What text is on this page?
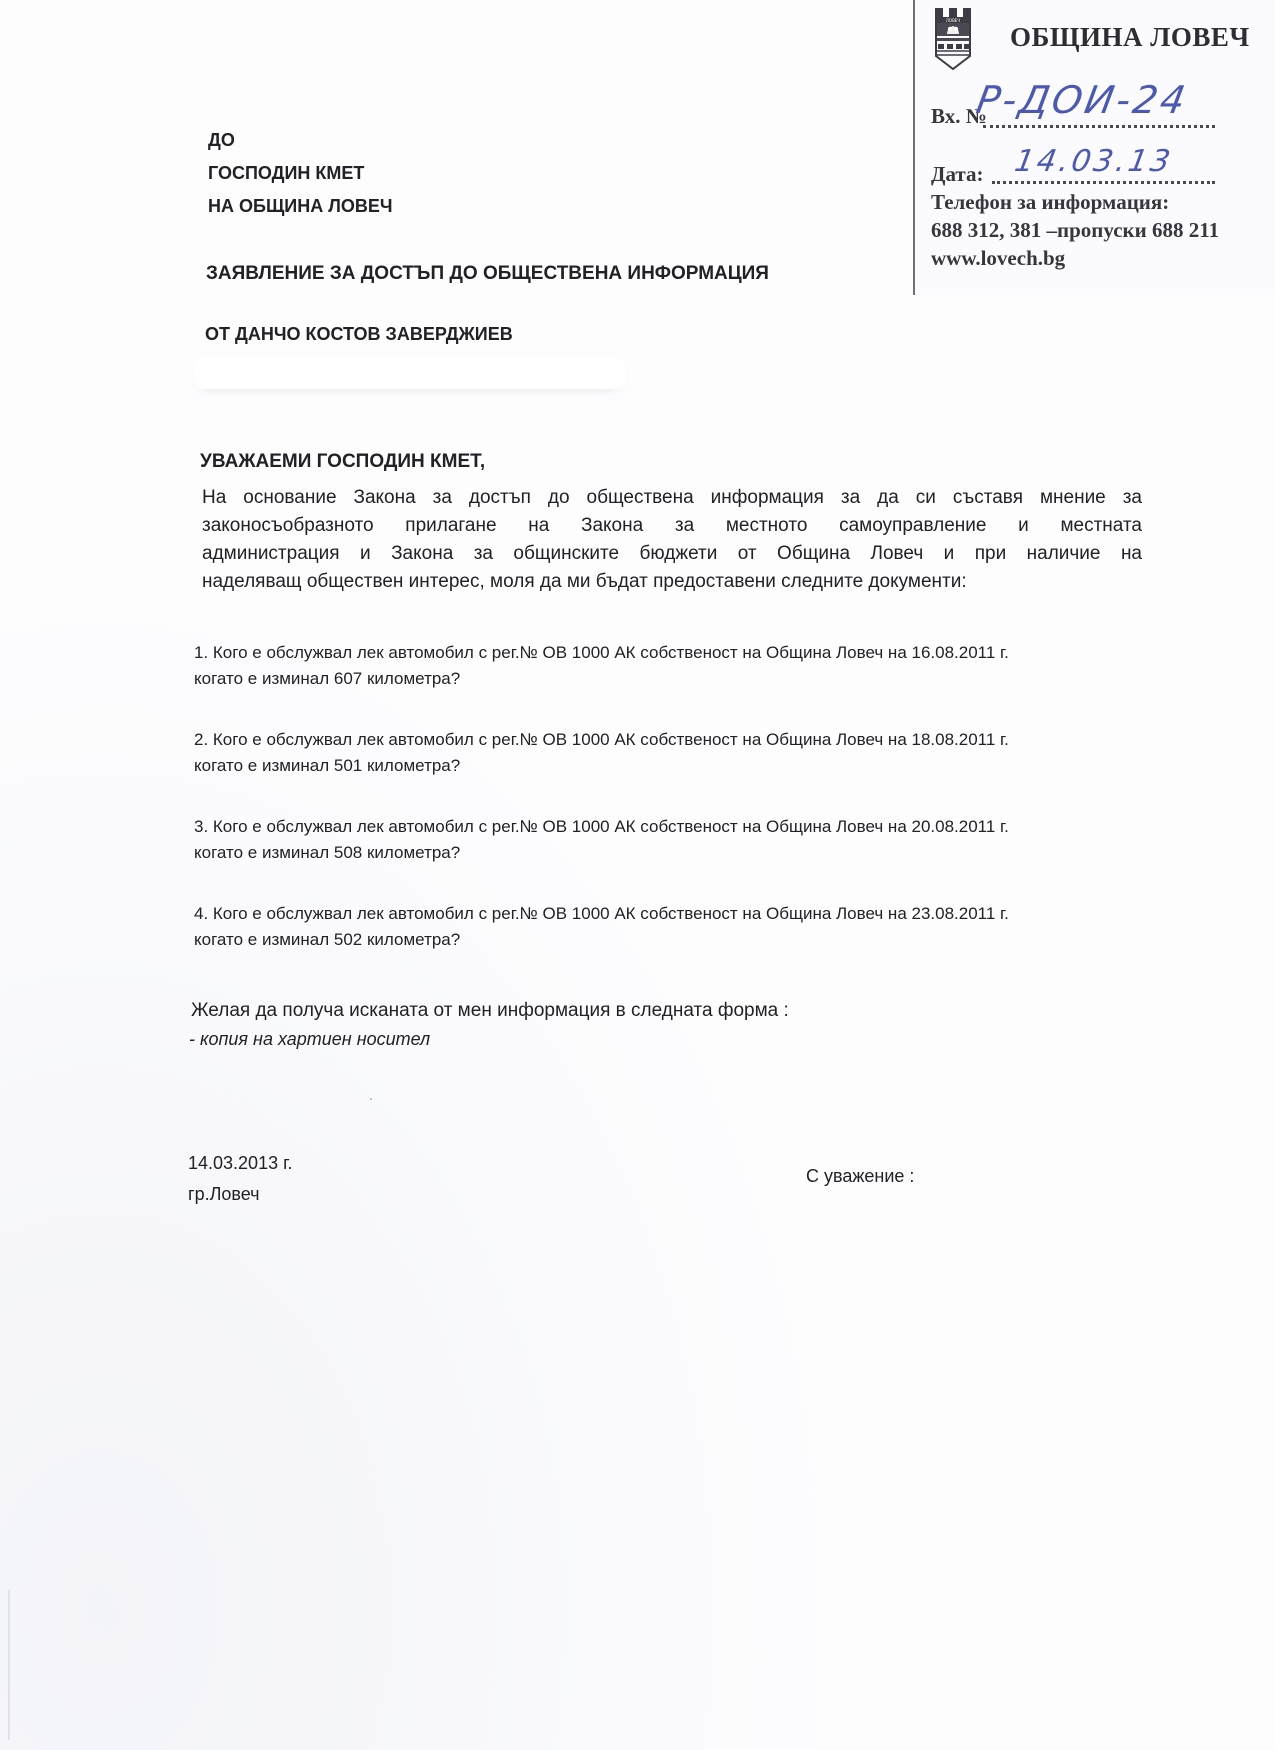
ЛОВЕЧ
ОБЩИНА ЛОВЕЧ
Вх. №
Р-ДОИ-24
Дата: 14.03.13
Телефон за информация:
688 312, 381 –пропуски 688 211
www.lovech.bg
ДО
ГОСПОДИН КМЕТ
НА ОБЩИНА ЛОВЕЧ
ЗАЯВЛЕНИЕ ЗА ДОСТЪП ДО ОБЩЕСТВЕНА ИНФОРМАЦИЯ
ОТ ДАНЧО КОСТОВ ЗАВЕРДЖИЕВ
УВАЖАЕМИ ГОСПОДИН КМЕТ,
На основание Закона за достъп до обществена информация за да си съставя мнение за
законосъобразното прилагане на Закона за местното самоуправление и местната
администрация и Закона за общинските бюджети от Община Ловеч и при наличие на
наделяващ обществен интерес, моля да ми бъдат предоставени следните документи:
1. Кого е обслужвал лек автомобил с рег.№ ОВ 1000 АК собственост на Община Ловеч на 16.08.2011 г.
когато е изминал 607 километра?
2. Кого е обслужвал лек автомобил с рег.№ ОВ 1000 АК собственост на Община Ловеч на 18.08.2011 г.
когато е изминал 501 километра?
3. Кого е обслужвал лек автомобил с рег.№ ОВ 1000 АК собственост на Община Ловеч на 20.08.2011 г.
когато е изминал 508 километра?
4. Кого е обслужвал лек автомобил с рег.№ ОВ 1000 АК собственост на Община Ловеч на 23.08.2011 г.
когато е изминал 502 километра?
Желая да получа исканата от мен информация в следната форма :
- копия на хартиен носител
14.03.2013 г.
гр.Ловеч
С уважение :
